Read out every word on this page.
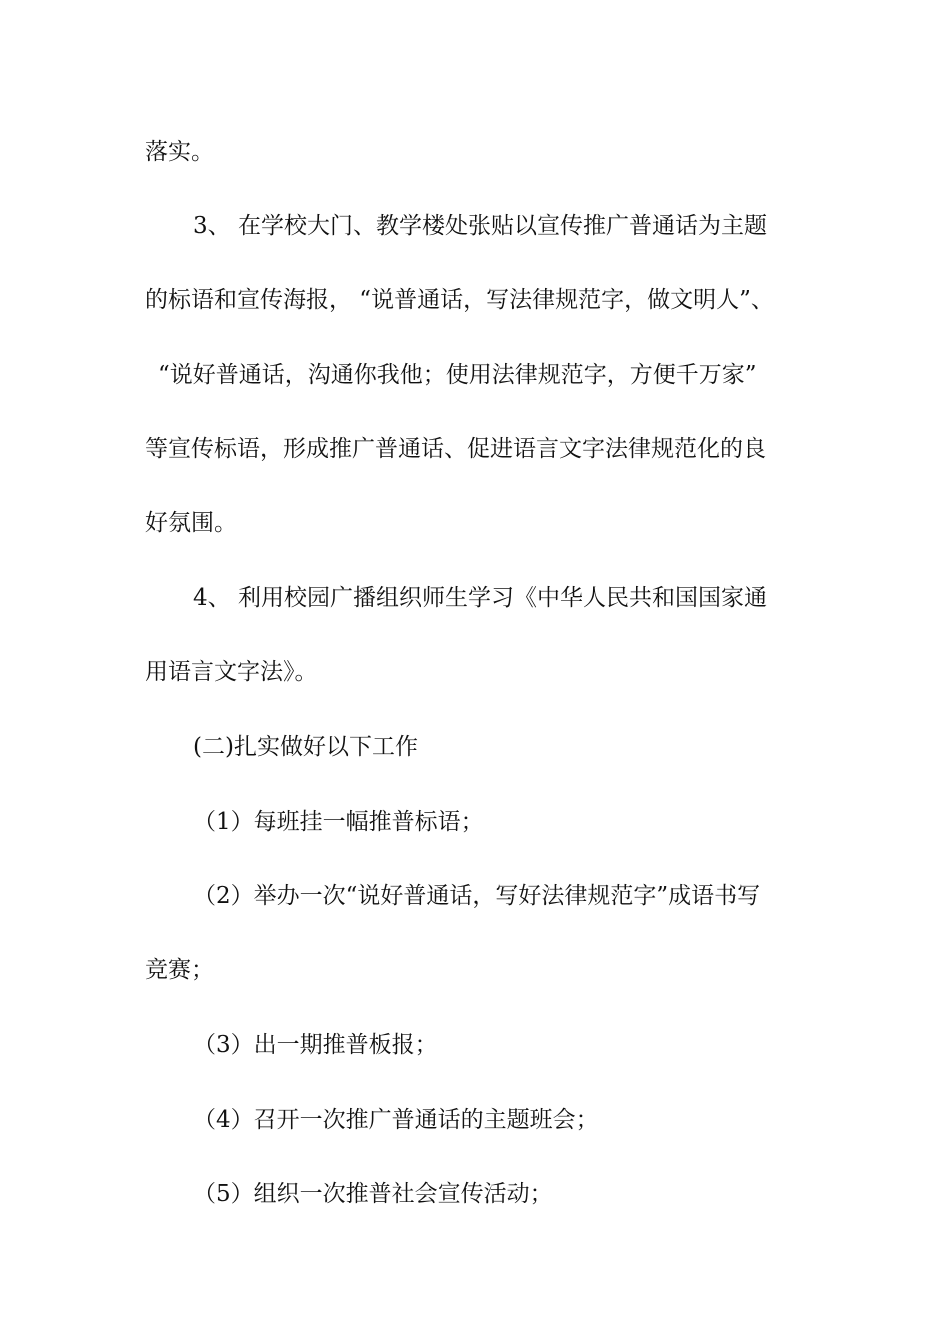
落实。
3、 在学校大门、教学楼处张贴以宣传推广普通话为主题
的标语和宣传海报， “说普通话，写法律规范字，做文明人”、
“说好普通话，沟通你我他；使用法律规范字，方便千万家”
等宣传标语，形成推广普通话、促进语言文字法律规范化的良
好氛围。
4、 利用校园广播组织师生学习《中华人民共和国国家通
用语言文字法》。
(二)扎实做好以下工作
（1）每班挂一幅推普标语；
（2）举办一次“说好普通话，写好法律规范字”成语书写
竞赛；
（3）出一期推普板报；
（4）召开一次推广普通话的主题班会；
（5）组织一次推普社会宣传活动；
